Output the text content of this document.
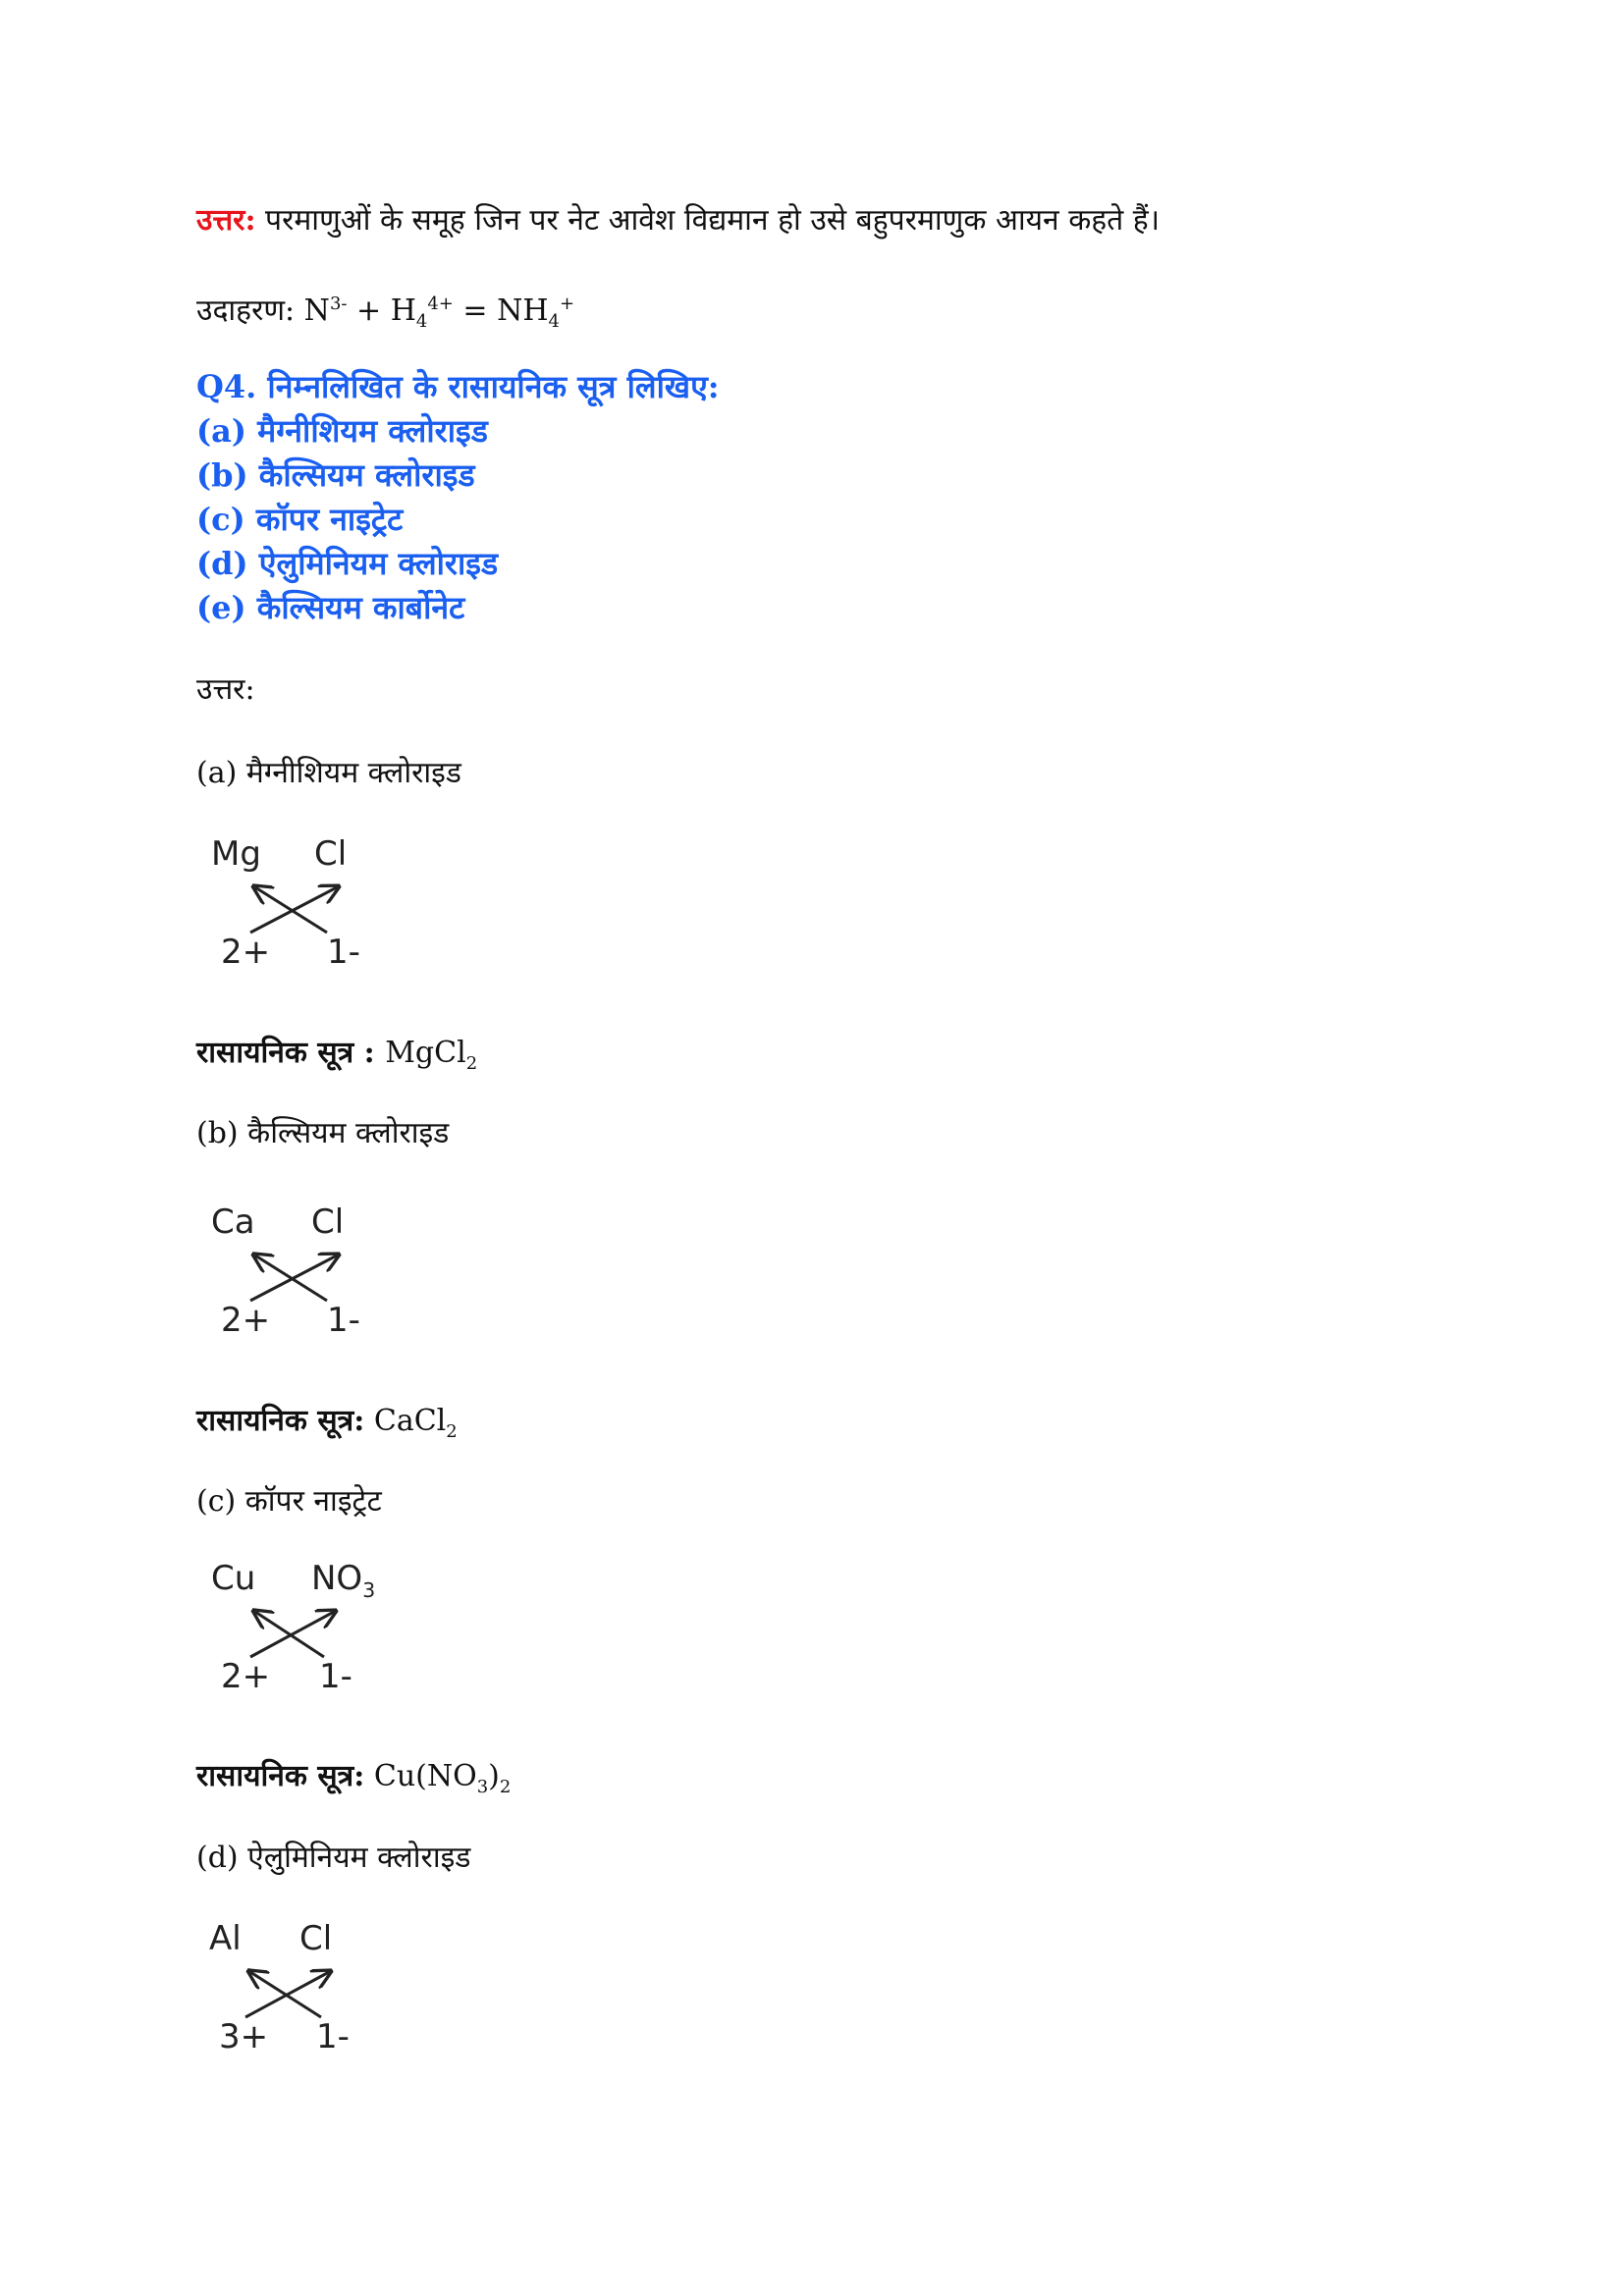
उत्तर: परमाणुओं के समूह जिन पर नेट आवेश विद्यमान हो उसे बहुपरमाणुक आयन कहते हैं।
उदाहरण: $N^{3-} + H_4^{4+} = NH_4^+$
Q4. निम्नलिखित के रासायनिक सूत्र लिखिए:
(a) मैग्नीशियम क्लोराइड
(b) कैल्सियम क्लोराइड
(c) कॉपर नाइट्रेट
(d) ऐलुमिनियम क्लोराइड
(e) कैल्सियम कार्बोनेट
उत्तर:
(a) मैग्नीशियम क्लोराइड
Mg Cl
2+ 1-
रासायनिक सूत्र : MgCl$_2$
(b) कैल्सियम क्लोराइड
Ca Cl
2+ 1-
रासायनिक सूत्र: CaCl$_2$
(c) कॉपर नाइट्रेट
Cu $NO_3$
2+ 1-
रासायनिक सूत्र: $Cu(NO_3)_2$
(d) ऐलुमिनियम क्लोराइड
Al Cl
3+ 1-
